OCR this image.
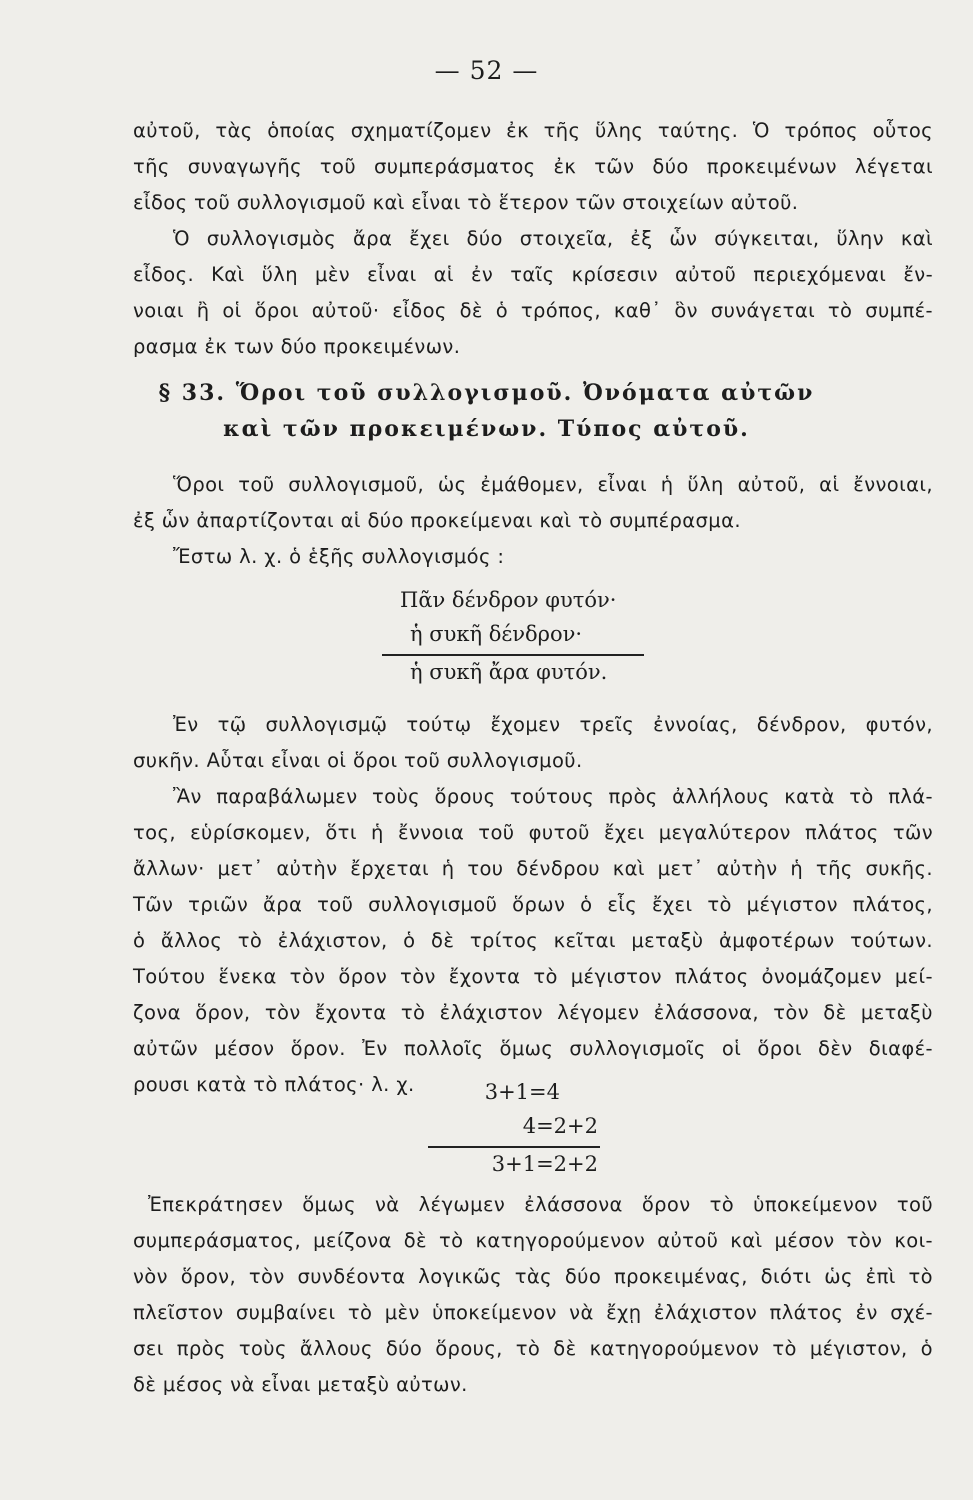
— 52 —
αὐτοῦ, τὰς ὁποίας σχηματίζομεν ἐκ τῆς ὕλης ταύτης. Ὁ τρόπος οὗτος
τῆς συναγωγῆς τοῦ συμπεράσματος ἐκ τῶν δύο προκειμένων λέγεται
εἶδος τοῦ συλλογισμοῦ καὶ εἶναι τὸ ἕτερον τῶν στοιχείων αὐτοῦ.
Ὁ συλλογισμὸς ἄρα ἔχει δύο στοιχεῖα, ἐξ ὧν σύγκειται, ὕλην καὶ
εἶδος. Καὶ ὕλη μὲν εἶναι αἱ ἐν ταῖς κρίσεσιν αὐτοῦ περιεχόμεναι ἔν-
νοιαι ἢ οἱ ὅροι αὐτοῦ· εἶδος δὲ ὁ τρόπος, καθ᾿ ὃν συνάγεται τὸ συμπέ-
ρασμα ἐκ των δύο προκειμένων.
§ 33. Ὅροι τοῦ συλλογισμοῦ. Ὀνόματα αὐτῶν
καὶ τῶν προκειμένων. Τύπος αὐτοῦ.
Ὅροι τοῦ συλλογισμοῦ, ὡς ἐμάθομεν, εἶναι ἡ ὕλη αὐτοῦ, αἱ ἔννοιαι,
ἐξ ὧν ἀπαρτίζονται αἱ δύο προκείμεναι καὶ τὸ συμπέρασμα.
Ἔστω λ. χ. ὁ ἑξῆς συλλογισμός :
Πᾶν δένδρον φυτόν·
ἡ συκῆ δένδρον·
ἡ συκῆ ἄρα φυτόν.
Ἐν τῷ συλλογισμῷ τούτῳ ἔχομεν τρεῖς ἐννοίας, δένδρον, φυτόν,
συκῆν. Αὗται εἶναι οἱ ὅροι τοῦ συλλογισμοῦ.
Ἂν παραβάλωμεν τοὺς ὅρους τούτους πρὸς ἀλλήλους κατὰ τὸ πλά-
τος, εὑρίσκομεν, ὅτι ἡ ἔννοια τοῦ φυτοῦ ἔχει μεγαλύτερον πλάτος τῶν
ἄλλων· μετ᾿ αὐτὴν ἔρχεται ἡ του δένδρου καὶ μετ᾿ αὐτὴν ἡ τῆς συκῆς.
Τῶν τριῶν ἄρα τοῦ συλλογισμοῦ ὅρων ὁ εἷς ἔχει τὸ μέγιστον πλάτος,
ὁ ἄλλος τὸ ἐλάχιστον, ὁ δὲ τρίτος κεῖται μεταξὺ ἀμφοτέρων τούτων.
Τούτου ἕνεκα τὸν ὅρον τὸν ἔχοντα τὸ μέγιστον πλάτος ὀνομάζομεν μεί-
ζονα ὅρον, τὸν ἔχοντα τὸ ἐλάχιστον λέγομεν ἐλάσσονα, τὸν δὲ μεταξὺ
αὐτῶν μέσον ὅρον. Ἐν πολλοῖς ὅμως συλλογισμοῖς οἱ ὅροι δὲν διαφέ-
ρουσι κατὰ τὸ πλάτος· λ. χ.	3+1=4
4=2+2
3+1=2+2
Ἐπεκράτησεν ὅμως νὰ λέγωμεν ἐλάσσονα ὅρον τὸ ὑποκείμενον τοῦ
συμπεράσματος, μείζονα δὲ τὸ κατηγορούμενον αὐτοῦ καὶ μέσον τὸν κοι-
νὸν ὅρον, τὸν συνδέοντα λογικῶς τὰς δύο προκειμένας, διότι ὡς ἐπὶ τὸ
πλεῖστον συμβαίνει τὸ μὲν ὑποκείμενον νὰ ἔχῃ ἐλάχιστον πλάτος ἐν σχέ-
σει πρὸς τοὺς ἄλλους δύο ὅρους, τὸ δὲ κατηγορούμενον τὸ μέγιστον, ὁ
δὲ μέσος νὰ εἶναι μεταξὺ αὐτων.
